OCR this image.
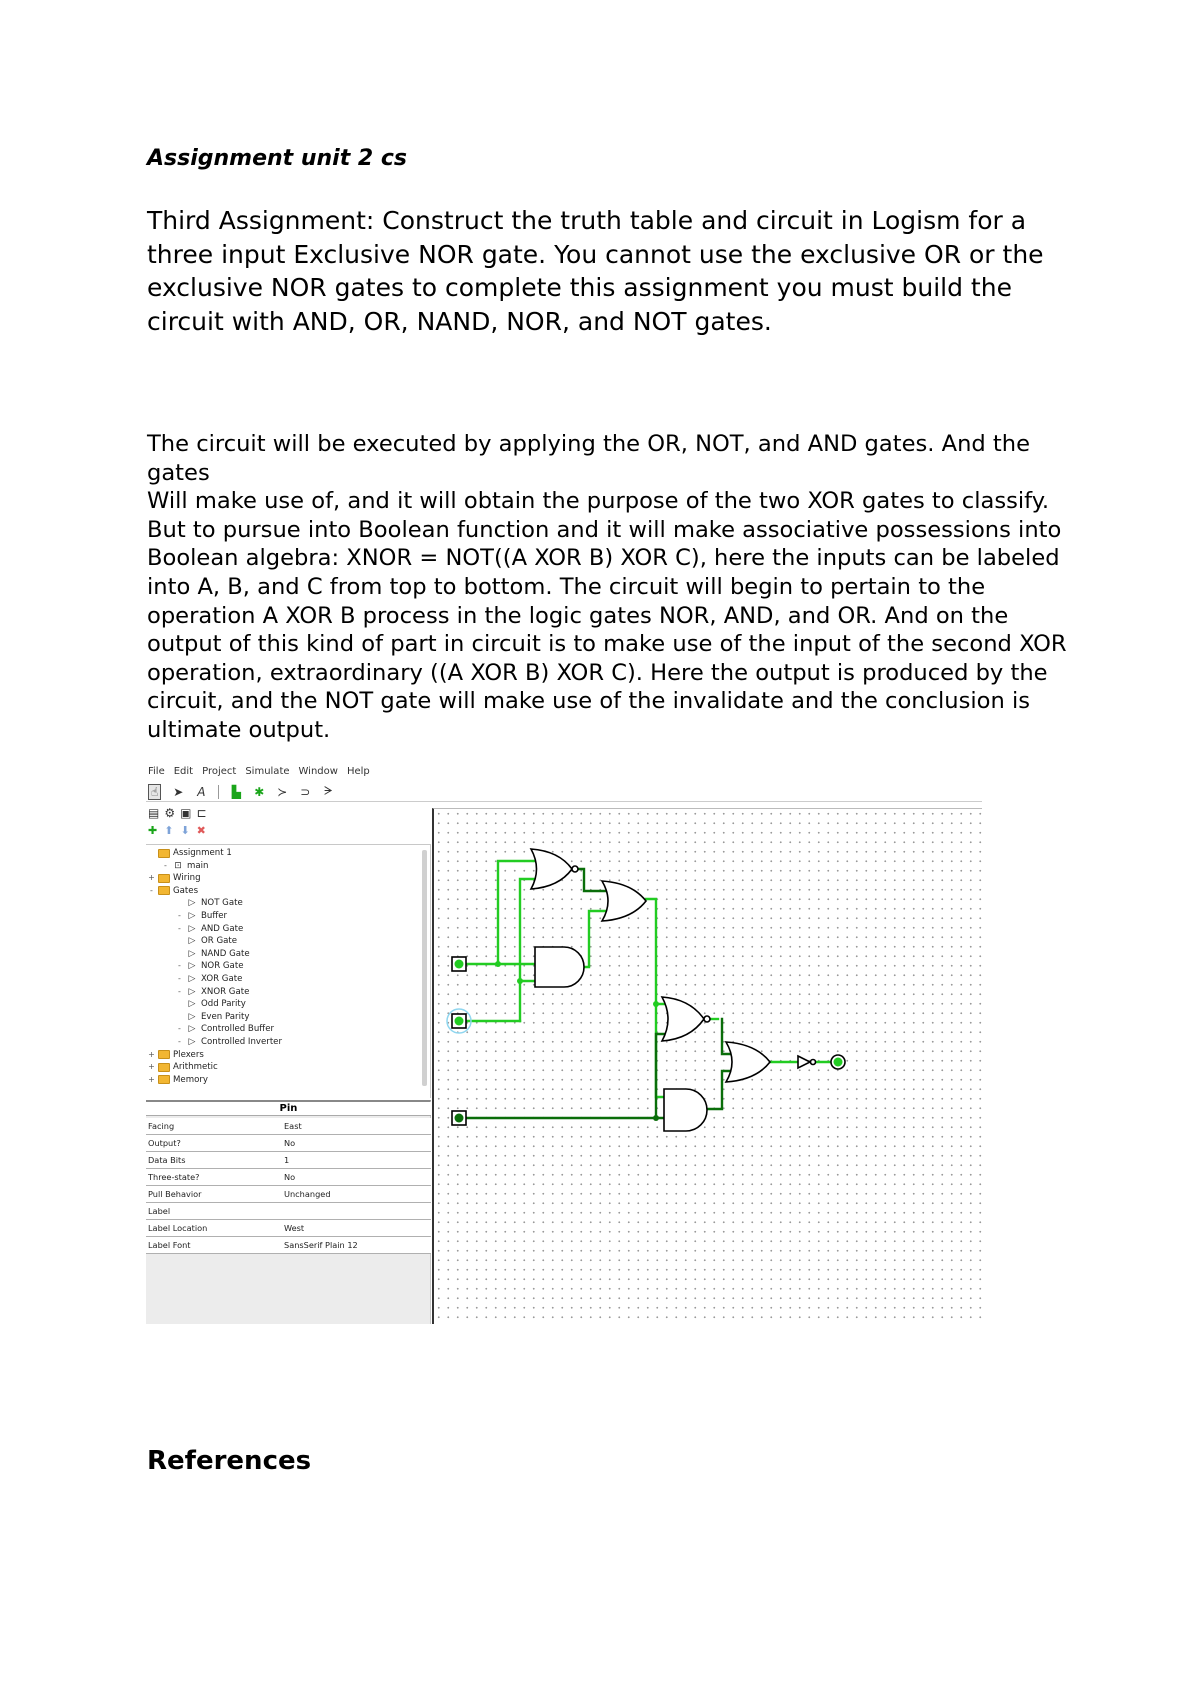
Assignment unit 2 cs
Third Assignment: Construct the truth table and circuit in Logism for a three input Exclusive NOR gate. You cannot use the exclusive OR or the exclusive NOR gates to complete this assignment you must build the circuit with AND, OR, NAND, NOR, and NOT gates.

The circuit will be executed by applying the OR, NOT, and AND gates. And the gates

Will make use of, and it will obtain the purpose of the two XOR gates to classify. But to pursue into Boolean function and it will make associative possessions into Boolean algebra: XNOR = NOT((A XOR B) XOR C), here the inputs can be labeled into A, B, and C from top to bottom. The circuit will begin to pertain to the operation A XOR B process in the logic gates NOR, AND, and OR. And on the output of this kind of part in circuit is to make use of the input of the second XOR operation, extraordinary ((A XOR B) XOR C). Here the output is produced by the circuit, and the NOT gate will make use of the invalidate and the conclusion is ultimate output.

File Edit Project Simulate Window Help
☝ ➤ A ▙ ✱ ≻ ⊃ ᗒ
▤ ⚙ ▣ ⊏
✚ ⬆ ⬇ ✖
Assignment 1
- ⊡ main
+ Wiring
- Gates
▷ NOT Gate
- ▷ Buffer
- ▷ AND Gate
▷ OR Gate
▷ NAND Gate
- ▷ NOR Gate
- ▷ XOR Gate
- ▷ XNOR Gate
▷ Odd Parity
▷ Even Parity
- ▷ Controlled Buffer
- ▷ Controlled Inverter
+ Plexers
+ Arithmetic
+ Memory
Pin
Facing	East
Output?	No
Data Bits	1
Three-state?	No
Pull Behavior	Unchanged
Label
Label Location	West
Label Font	SansSerif Plain 12
References
